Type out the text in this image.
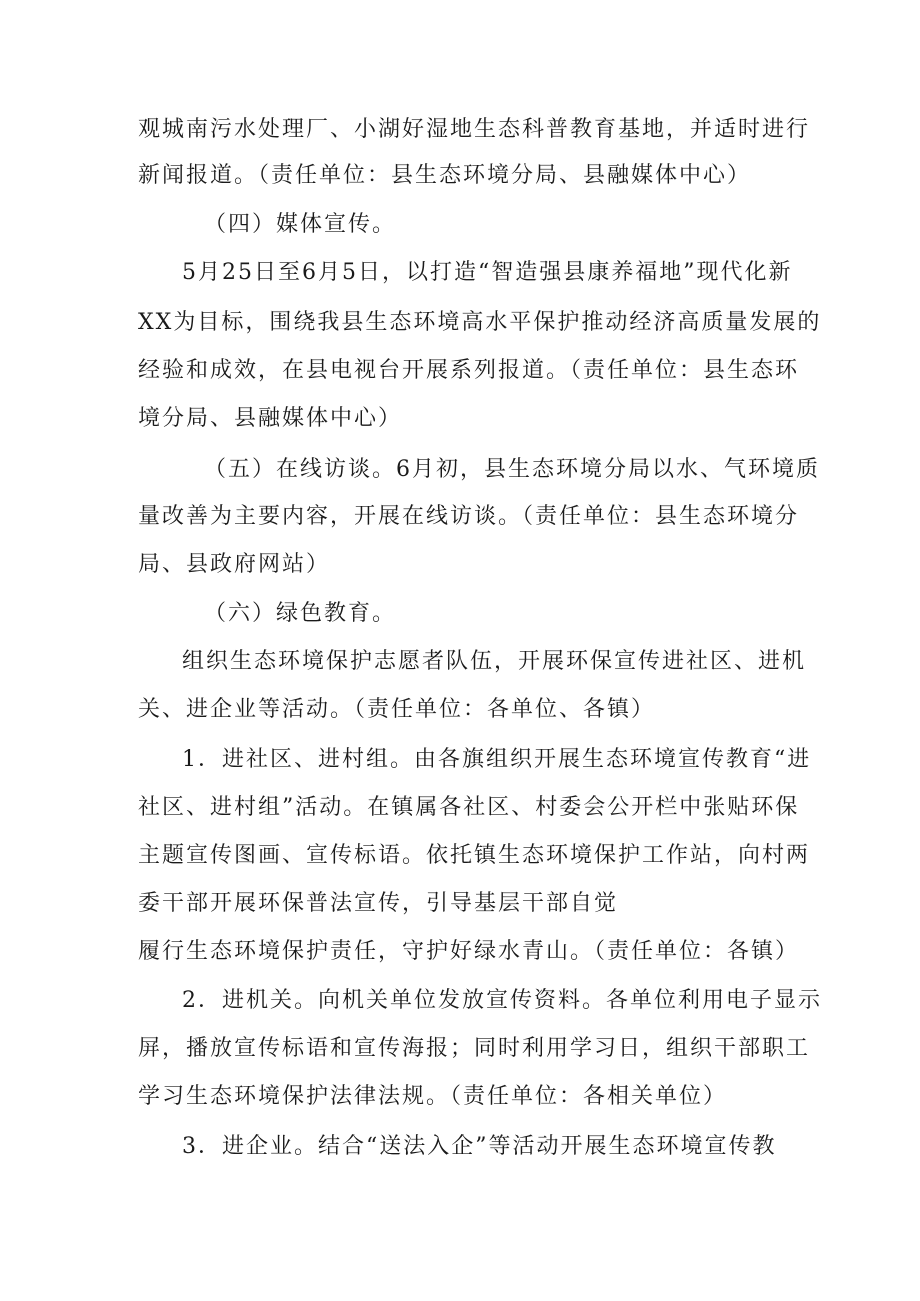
观城南污水处理厂、小湖好湿地生态科普教育基地，并适时进行
新闻报道。（责任单位：县生态环境分局、县融媒体中心）
（四）媒体宣传。
5月25日至6月5日，以打造“智造强县康养福地”现代化新
XX为目标，围绕我县生态环境高水平保护推动经济高质量发展的
经验和成效，在县电视台开展系列报道。（责任单位：县生态环
境分局、县融媒体中心）
（五）在线访谈。6月初，县生态环境分局以水、气环境质
量改善为主要内容，开展在线访谈。（责任单位：县生态环境分
局、县政府网站）
（六）绿色教育。
组织生态环境保护志愿者队伍，开展环保宣传进社区、进机
关、进企业等活动。（责任单位：各单位、各镇）
1．进社区、进村组。由各旗组织开展生态环境宣传教育“进
社区、进村组”活动。在镇属各社区、村委会公开栏中张贴环保
主题宣传图画、宣传标语。依托镇生态环境保护工作站，向村两
委干部开展环保普法宣传，引导基层干部自觉
履行生态环境保护责任，守护好绿水青山。（责任单位：各镇）
2．进机关。向机关单位发放宣传资料。各单位利用电子显示
屏，播放宣传标语和宣传海报；同时利用学习日，组织干部职工
学习生态环境保护法律法规。（责任单位：各相关单位）
3．进企业。结合“送法入企”等活动开展生态环境宣传教
